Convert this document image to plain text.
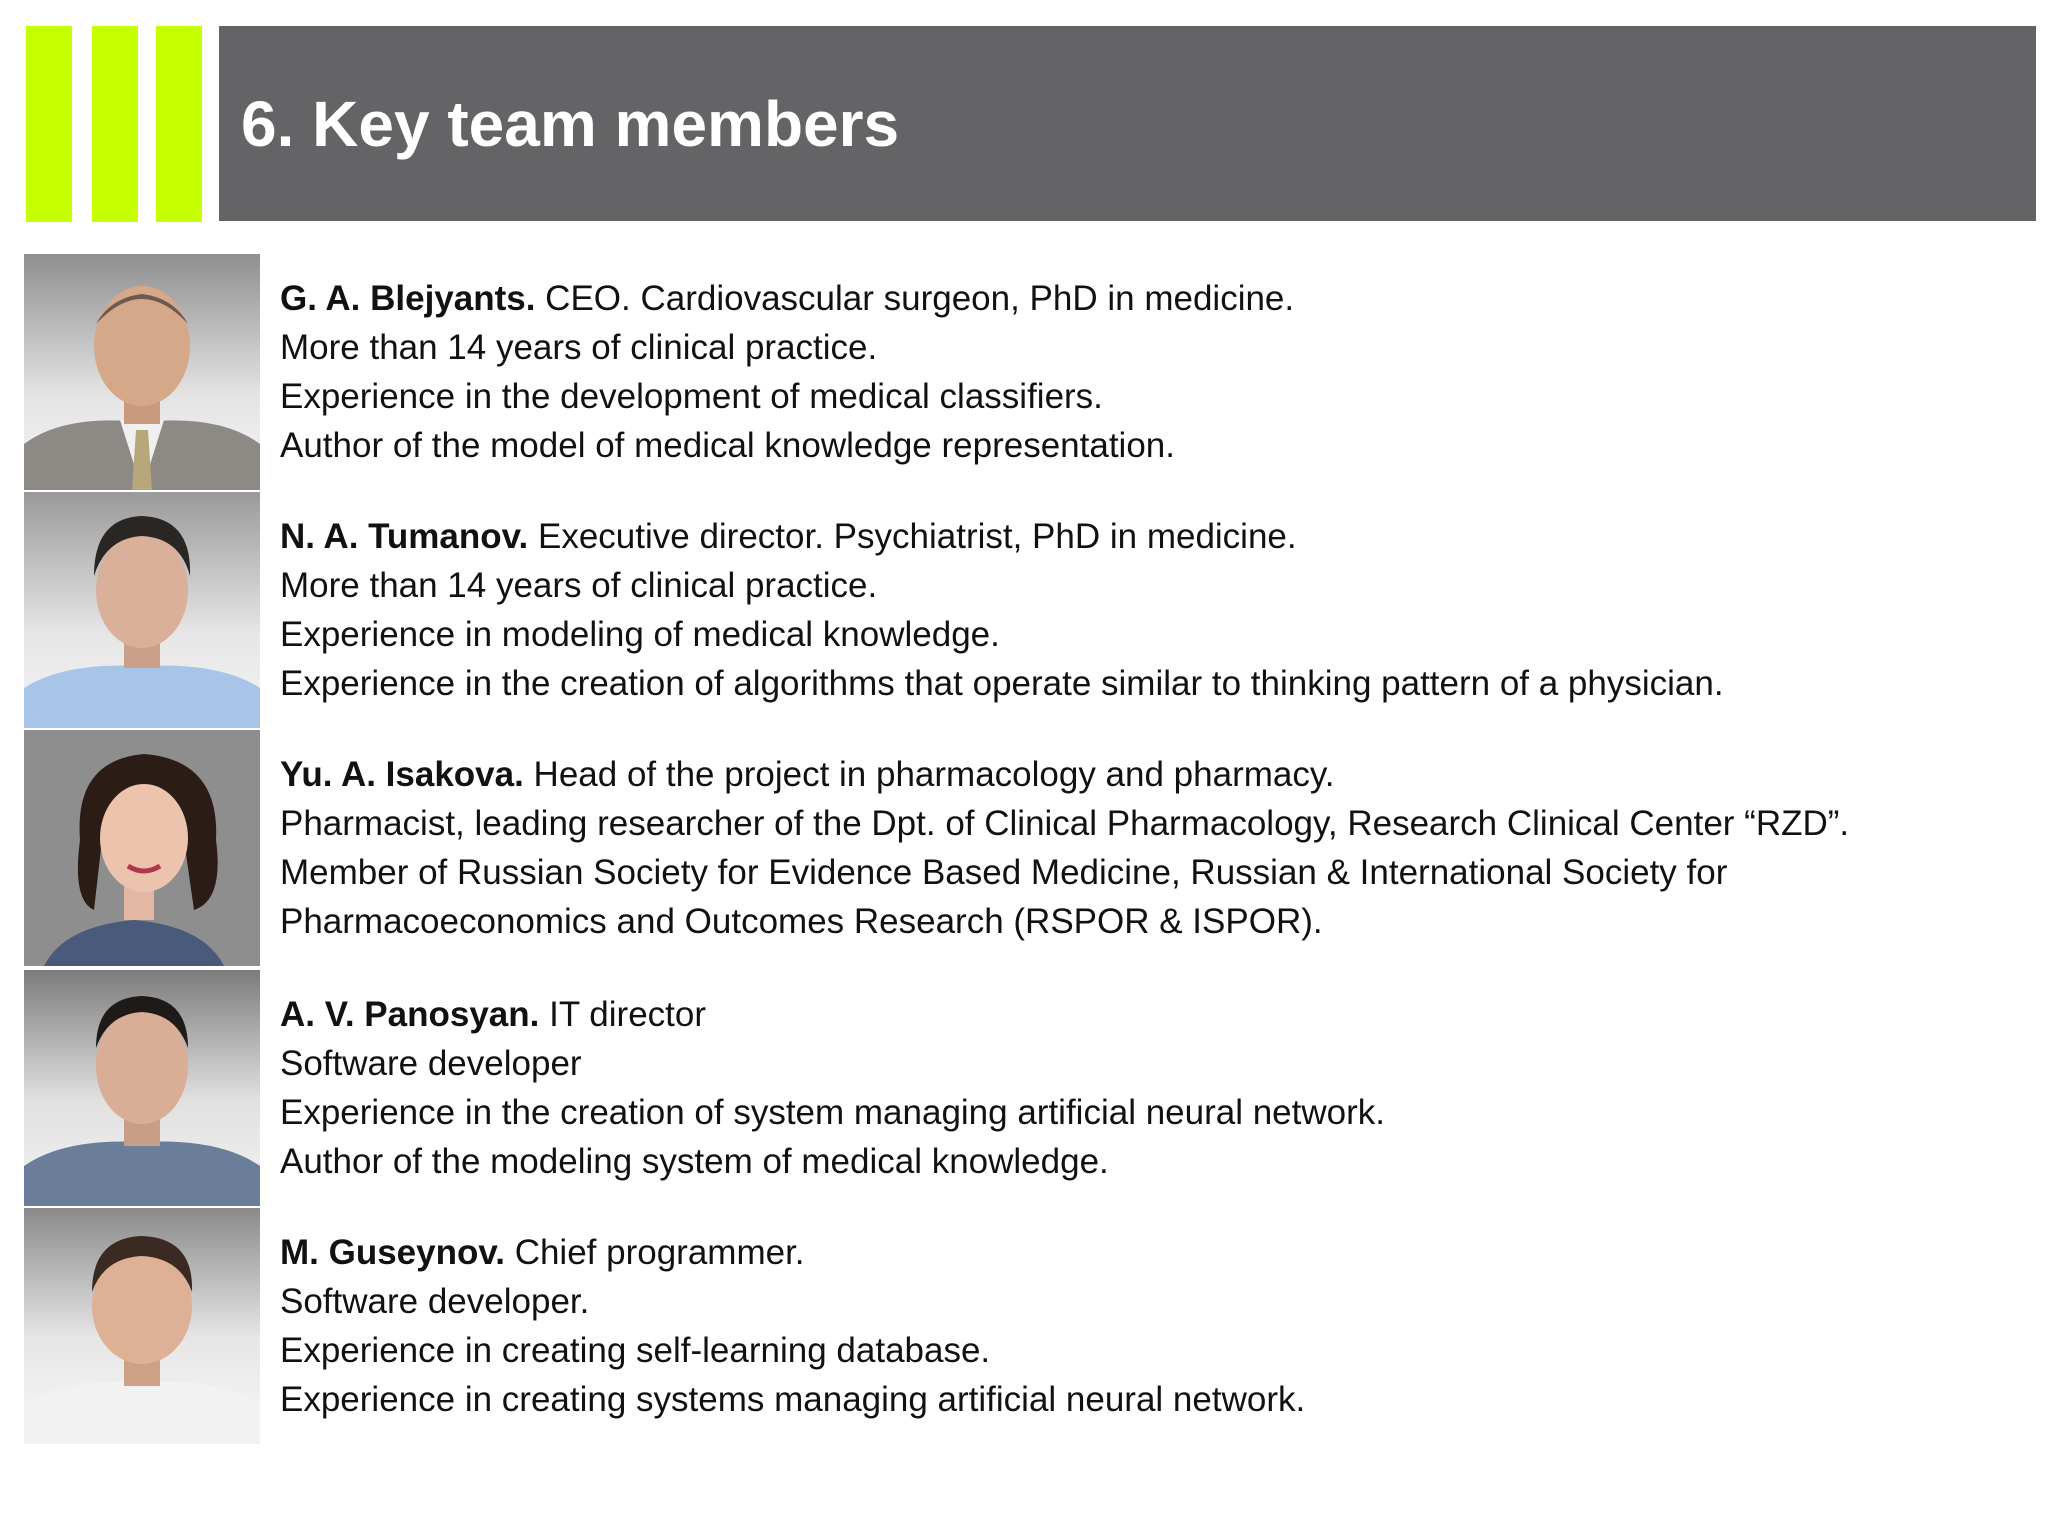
6. Key team members
G. A. Blejyants. CEO. Cardiovascular surgeon, PhD in medicine.
More than 14 years of clinical practice.
Experience in the development of medical classifiers.
Author of the model of medical knowledge representation.
N. A. Tumanov. Executive director. Psychiatrist, PhD in medicine.
More than 14 years of clinical practice.
Experience in modeling of medical knowledge.
Experience in the creation of algorithms that operate similar to thinking pattern of a physician.
Yu. A. Isakova. Head of the project in pharmacology and pharmacy.
Pharmacist, leading researcher of the Dpt. of Clinical Pharmacology, Research Clinical Center “RZD”.
Member of Russian Society for Evidence Based Medicine, Russian & International Society for
Pharmacoeconomics and Outcomes Research (RSPOR & ISPOR).
A. V. Panosyan. IT director
Software developer
Experience in the creation of system managing artificial neural network.
Author of the modeling system of medical knowledge.
M. Guseynov. Chief programmer.
Software developer.
Experience in creating self-learning database.
Experience in creating systems managing artificial neural network.
